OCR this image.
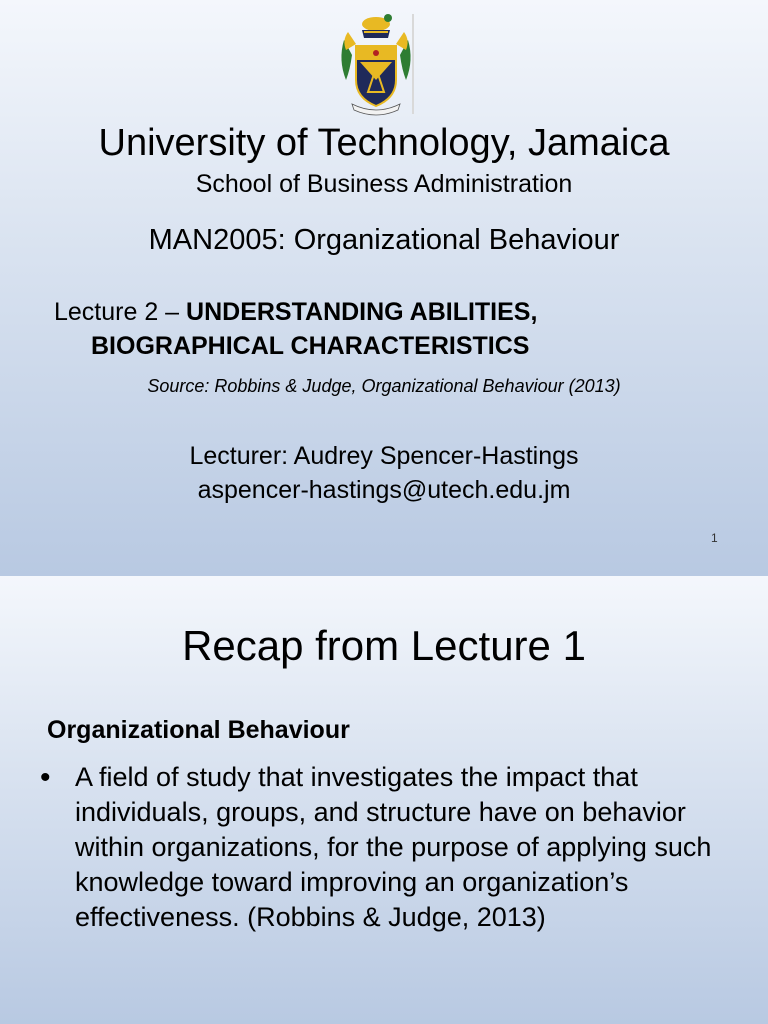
University of Technology, Jamaica
School of Business Administration
MAN2005: Organizational Behaviour
Lecture 2 – UNDERSTANDING ABILITIES,
BIOGRAPHICAL CHARACTERISTICS
Source: Robbins & Judge, Organizational Behaviour (2013)
Lecturer: Audrey Spencer-Hastings
aspencer-hastings@utech.edu.jm
1
Recap from Lecture 1
Organizational Behaviour
• A field of study that investigates the impact that individuals, groups, and structure have on behavior within organizations, for the purpose of applying such knowledge toward improving an organization’s effectiveness. (Robbins & Judge, 2013)
